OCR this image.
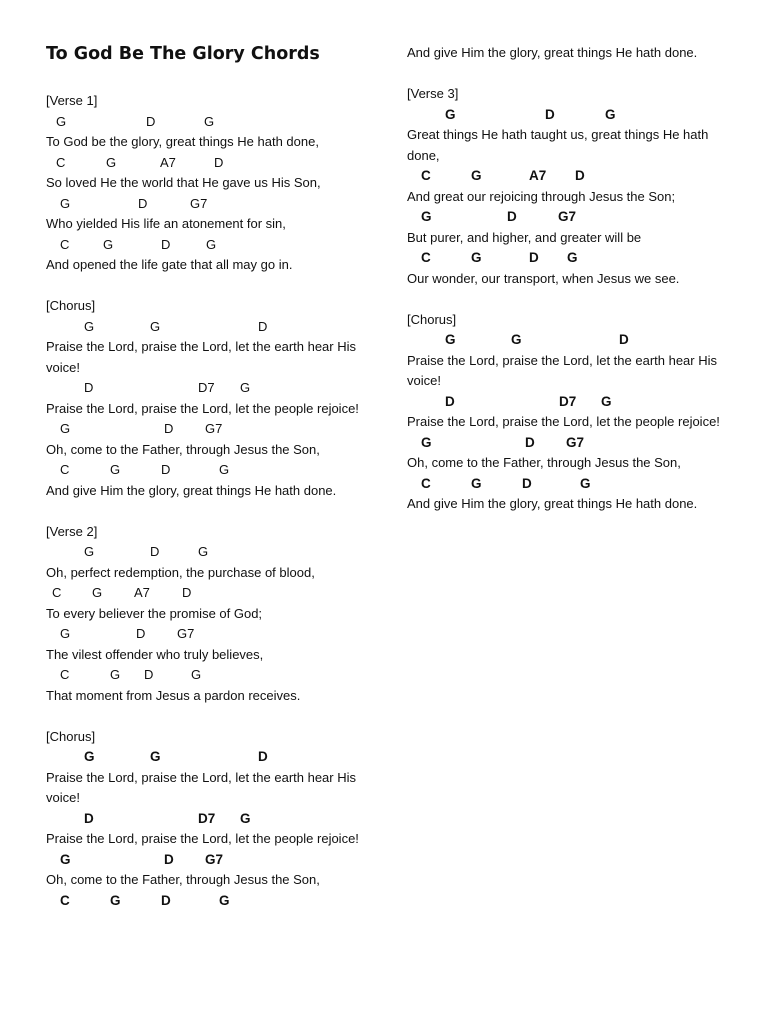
To God Be The Glory Chords
[Verse 1]
G	D	G
To God be the glory, great things He hath done,
C	G	A7	D
So loved He the world that He gave us His Son,
G	D	G7
Who yielded His life an atonement for sin,
C	G	D	G
And opened the life gate that all may go in.
[Chorus]
G	G	D
Praise the Lord, praise the Lord, let the earth hear His voice!
D	D7 G
Praise the Lord, praise the Lord, let the people rejoice!
G	D G7
Oh, come to the Father, through Jesus the Son,
C	G	D	G
And give Him the glory, great things He hath done.
[Verse 2]
G	D	G
Oh, perfect redemption, the purchase of blood,
C G A7 D
To every believer the promise of God;
G	D G7
The vilest offender who truly believes,
C	G D	G
That moment from Jesus a pardon receives.
[Chorus]
G	G	D
Praise the Lord, praise the Lord, let the earth hear His voice!
D	D7 G
Praise the Lord, praise the Lord, let the people rejoice!
G	D G7
Oh, come to the Father, through Jesus the Son,
C	G	D	G
And give Him the glory, great things He hath done.
[Verse 3]
G	D	G
Great things He hath taught us, great things He hath done,
C	G	A7 D
And great our rejoicing through Jesus the Son;
G	D	G7
But purer, and higher, and greater will be
C	G	D G
Our wonder, our transport, when Jesus we see.
[Chorus]
G	G	D
Praise the Lord, praise the Lord, let the earth hear His voice!
D	D7 G
Praise the Lord, praise the Lord, let the people rejoice!
G	D G7
Oh, come to the Father, through Jesus the Son,
C	G	D	G
And give Him the glory, great things He hath done.
